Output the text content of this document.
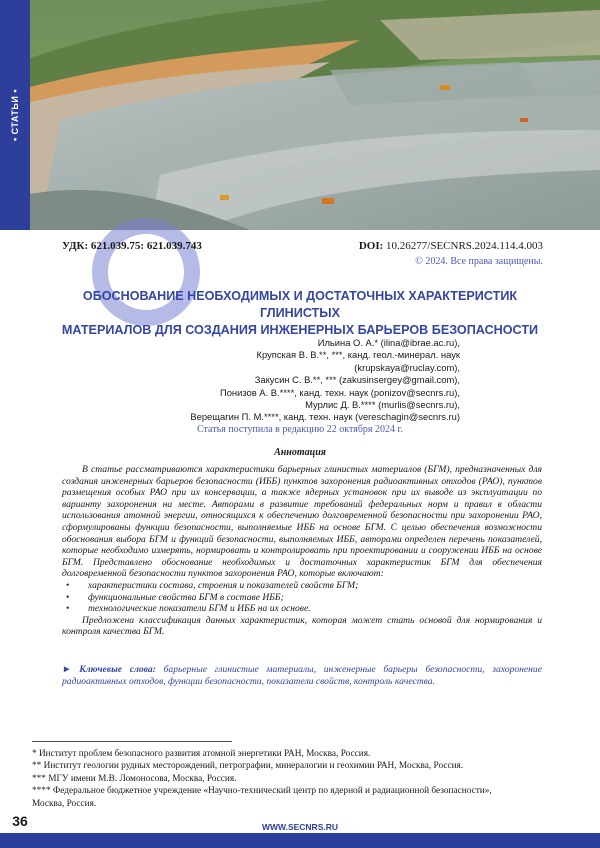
• СТАТЬИ •
УДК: 621.039.75: 621.039.743	DOI: 10.26277/SECNRS.2024.114.4.003
© 2024. Все права защищены.
ОБОСНОВАНИЕ НЕОБХОДИМЫХ И ДОСТАТОЧНЫХ ХАРАКТЕРИСТИК ГЛИНИСТЫХ
МАТЕРИАЛОВ ДЛЯ СОЗДАНИЯ ИНЖЕНЕРНЫХ БАРЬЕРОВ БЕЗОПАСНОСТИ
Ильина О. А.* (ilina@ibrae.ac.ru),
Крупская В. В.**, ***, канд. геол.-минерал. наук (krupskaya@ruclay.com),
Закусин С. В.**, *** (zakusinsergey@gmail.com),
Понизов А. В.****, канд. техн. наук (ponizov@secnrs.ru),
Мурлис Д. В.**** (murlis@secnrs.ru),
Верещагин П. М.****, канд. техн. наук (vereschagin@secnrs.ru)
Статья поступила в редакцию 22 октября 2024 г.
Аннотация

В статье рассматриваются характеристики барьерных глинистых материалов (БГМ), предназначенных для создания инженерных барьеров безопасности (ИББ) пунктов захоронения радиоактивных отходов (РАО), пунктов размещения особых РАО при их консервации, а также ядерных установок при их выводе из эксплуатации по варианту захоронения на месте. Авторами в развитие требований федеральных норм и правил в области использования атомной энергии, относящихся к обеспечению долговременной безопасности при захоронении РАО, сформулированы функции безопасности, выполняемые ИББ на основе БГМ. С целью обеспечения возможности обоснования выбора БГМ и функций безопасности, выполняемых ИББ, авторами определен перечень показателей, которые необходимо измерять, нормировать и контролировать при проектировании и сооружении ИББ на основе БГМ. Представлено обоснование необходимых и достаточных характеристик БГМ для обеспечения долговременной безопасности пунктов захоронения РАО, которые включают:

• характеристики состава, строения и показателей свойств БГМ;
• функциональные свойства БГМ в составе ИББ;
• технологические показатели БГМ и ИББ на их основе.

Предложена классификация данных характеристик, которая может стать основой для нормирования и контроля качества БГМ.

► Ключевые слова: барьерные глинистые материалы, инженерные барьеры безопасности, захоронение радиоактивных отходов, функции безопасности, показатели свойств, контроль качества.
* Институт проблем безопасного развития атомной энергетики РАН, Москва, Россия.
** Институт геологии рудных месторождений, петрографии, минералогии и геохимии РАН, Москва, Россия.
*** МГУ имени М.В. Ломоносова, Москва, Россия.
**** Федеральное бюджетное учреждение «Научно-технический центр по ядерной и радиационной безопасности»,
Москва, Россия.
36	WWW.SECNRS.RU
